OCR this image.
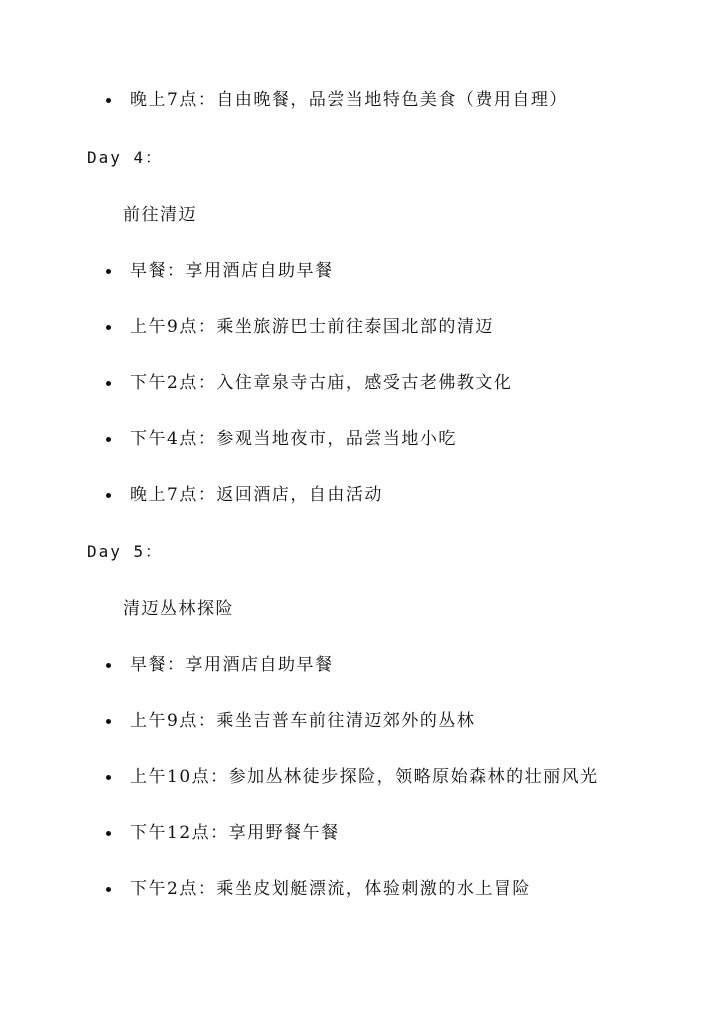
晚上7点：自由晚餐，品尝当地特色美食（费用自理）
Day 4：
前往清迈
早餐：享用酒店自助早餐
上午9点：乘坐旅游巴士前往泰国北部的清迈
下午2点：入住章泉寺古庙，感受古老佛教文化
下午4点：参观当地夜市，品尝当地小吃
晚上7点：返回酒店，自由活动
Day 5：
清迈丛林探险
早餐：享用酒店自助早餐
上午9点：乘坐吉普车前往清迈郊外的丛林
上午10点：参加丛林徒步探险，领略原始森林的壮丽风光
下午12点：享用野餐午餐
下午2点：乘坐皮划艇漂流，体验刺激的水上冒险
